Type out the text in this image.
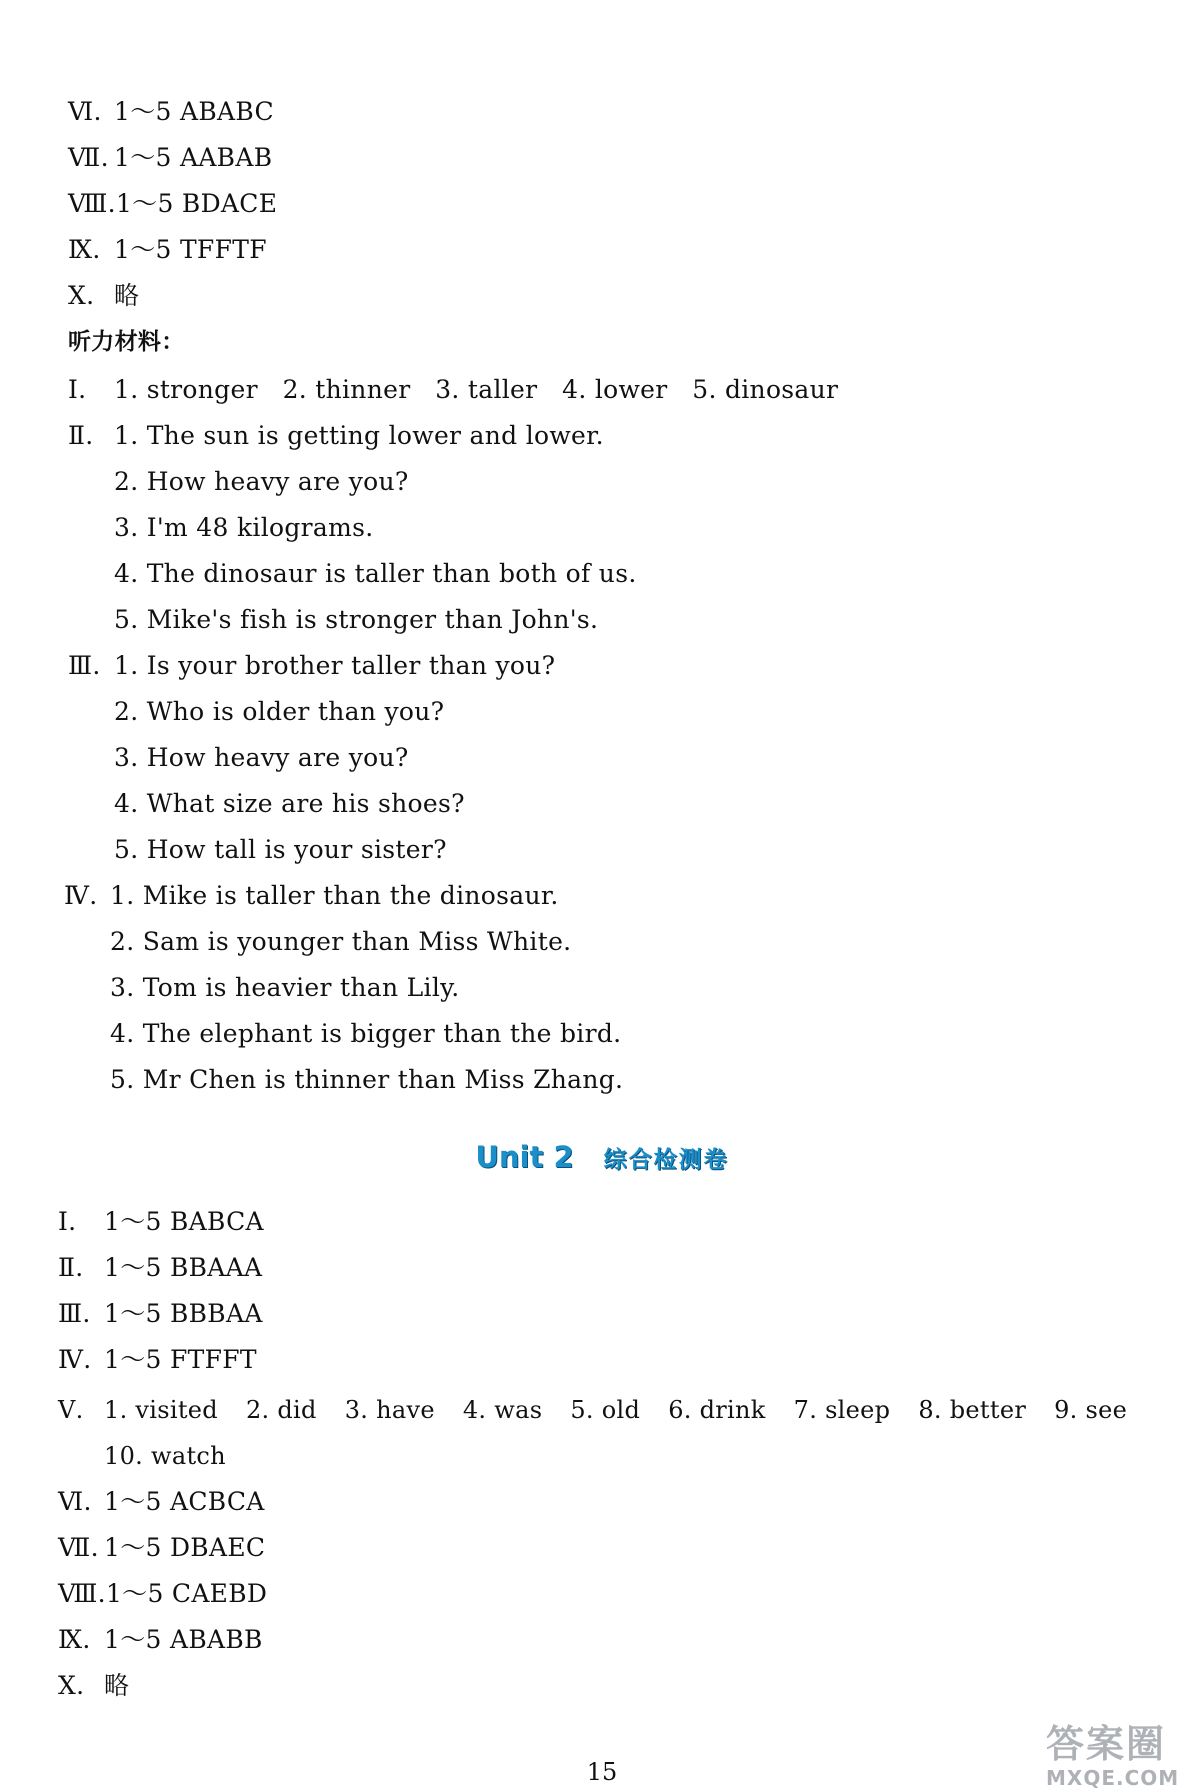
Ⅵ. 1～5 ABABC
Ⅶ. 1～5 AABAB
Ⅷ.1～5 BDACE
Ⅸ. 1～5 TFFTF
Ⅹ. 略
听力材料：
Ⅰ. 1. stronger   2. thinner   3. taller   4. lower   5. dinosaur
Ⅱ. 1. The sun is getting lower and lower.
2. How heavy are you?
3. I'm 48 kilograms.
4. The dinosaur is taller than both of us.
5. Mike's fish is stronger than John's.
Ⅲ. 1. Is your brother taller than you?
2. Who is older than you?
3. How heavy are you?
4. What size are his shoes?
5. How tall is your sister?
Ⅳ. 1. Mike is taller than the dinosaur.
2. Sam is younger than Miss White.
3. Tom is heavier than Lily.
4. The elephant is bigger than the bird.
5. Mr Chen is thinner than Miss Zhang.
Unit 2 综合检测卷
Ⅰ. 1～5 BABCA
Ⅱ. 1～5 BBAAA
Ⅲ. 1～5 BBBAA
Ⅳ. 1～5 FTFFT
Ⅴ. 1. visited 2. did 3. have 4. was 5. old 6. drink 7. sleep 8. better 9. see
10. watch
Ⅵ. 1～5 ACBCA
Ⅶ. 1～5 DBAEC
Ⅷ.1～5 CAEBD
Ⅸ. 1～5 ABABB
Ⅹ. 略
15
答案圈
MXQE.COM
